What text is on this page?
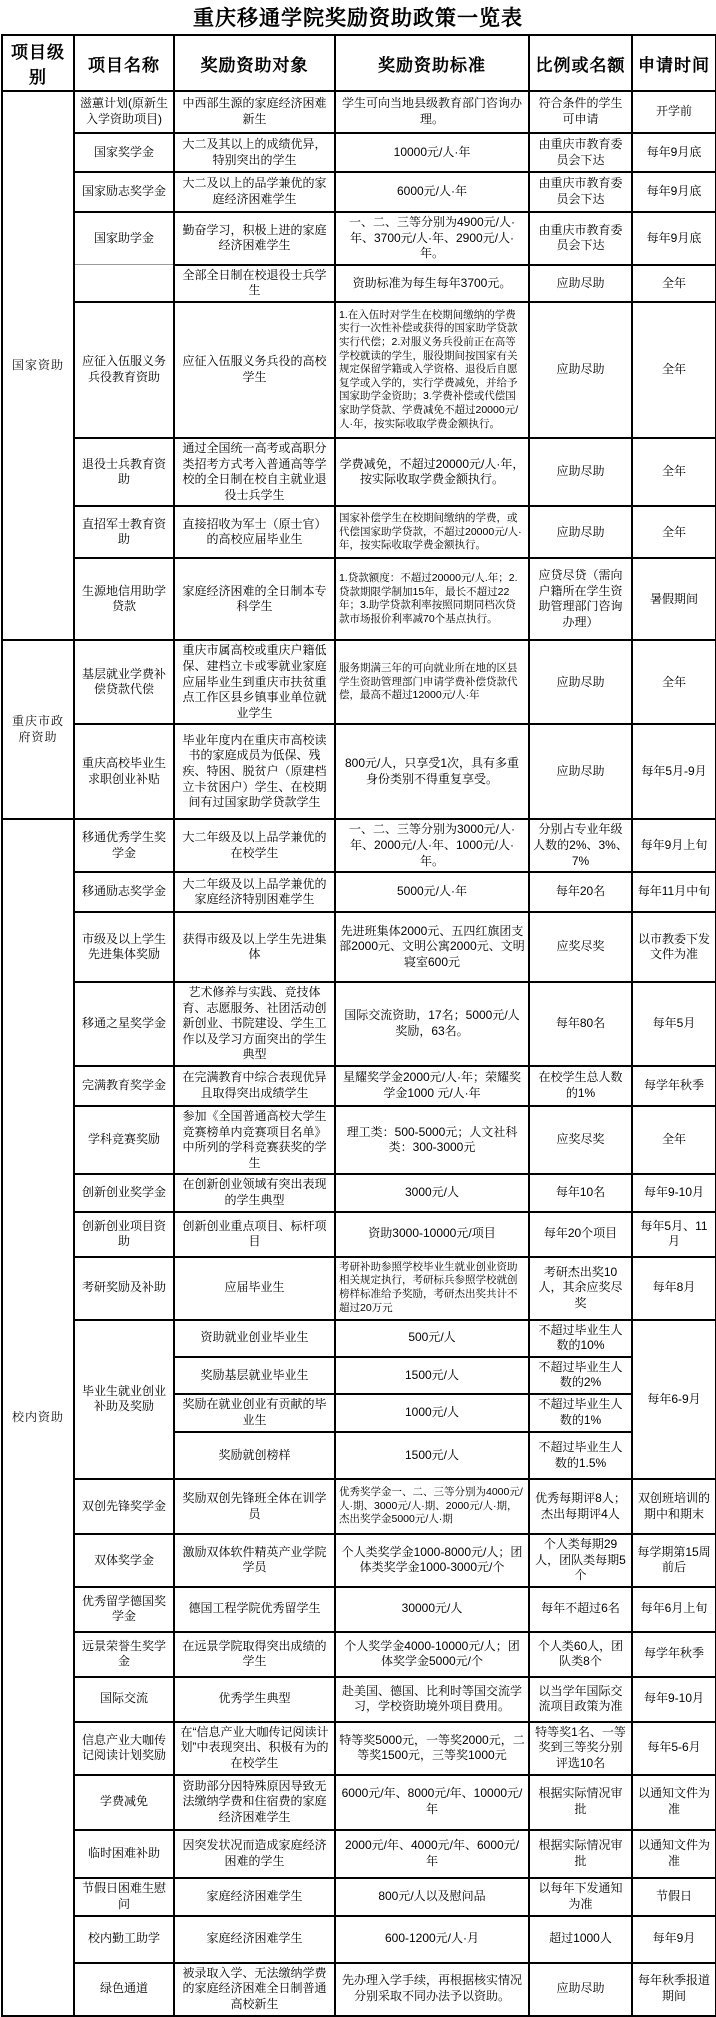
重庆移通学院奖励资助政策一览表
项目级别	项目名称	奖励资助对象	奖励资助标准	比例或名额	申请时间
国家资助	滋蕙计划(原新生入学资助项目)	中西部生源的家庭经济困难新生	学生可向当地县级教育部门咨询办理。	符合条件的学生可申请	开学前
	国家奖学金	大二及其以上的成绩优异，特别突出的学生	10000元/人·年	由重庆市教育委员会下达	每年9月底
	国家励志奖学金	大二及以上的品学兼优的家庭经济困难学生	6000元/人·年	由重庆市教育委员会下达	每年9月底
	国家助学金	勤奋学习，积极上进的家庭经济困难学生	一、二、三等分别为4900元/人·年、3700元/人·年、2900元/人·年。	由重庆市教育委员会下达	每年9月底
		全部全日制在校退役士兵学生	资助标准为每生每年3700元。	应助尽助	全年
	应征入伍服义务兵役教育资助	应征入伍服义务兵役的高校学生	1.在入伍时对学生在校期间缴纳的学费实行一次性补偿或获得的国家助学贷款实行代偿；2.对服义务兵役前正在高等学校就读的学生，服役期间按国家有关规定保留学籍或入学资格、退役后自愿复学或入学的，实行学费减免，并给予国家助学金资助；3.学费补偿或代偿国家助学贷款、学费减免不超过20000元/人·年，按实际收取学费金额执行。	应助尽助	全年
	退役士兵教育资助	通过全国统一高考或高职分类招考方式考入普通高等学校的全日制在校自主就业退役士兵学生	学费减免，不超过20000元/人·年，按实际收取学费金额执行。	应助尽助	全年
	直招军士教育资助	直接招收为军士（原士官）的高校应届毕业生	国家补偿学生在校期间缴纳的学费，或代偿国家助学贷款，不超过20000元/人·年，按实际收取学费金额执行。	应助尽助	全年
	生源地信用助学贷款	家庭经济困难的全日制本专科学生	1.贷款额度：不超过20000元/人.年；2.贷款期限学制加15年，最长不超过22年；3.助学贷款利率按照同期同档次贷款市场报价利率减70个基点执行。	应贷尽贷（需向户籍所在学生资助管理部门咨询办理）	暑假期间
重庆市政府资助	基层就业学费补偿贷款代偿	重庆市属高校或重庆户籍低保、建档立卡或零就业家庭应届毕业生到重庆市扶贫重点工作区县乡镇事业单位就业学生	服务期满三年的可向就业所在地的区县学生资助管理部门申请学费补偿贷款代偿，最高不超过12000元/人·年	应助尽助	全年
	重庆高校毕业生求职创业补贴	毕业年度内在重庆市高校读书的家庭成员为低保、残疾、特困、脱贫户（原建档立卡贫困户）学生、在校期间有过国家助学贷款学生	800元/人，只享受1次，具有多重身份类别不得重复享受。	应助尽助	每年5月-9月
校内资助	移通优秀学生奖学金	大二年级及以上品学兼优的在校学生	一、二、三等分别为3000元/人·年、2000元/人·年、1000元/人·年。	分别占专业年级人数的2%、3%、7%	每年9月上旬
	移通励志奖学金	大二年级及以上品学兼优的家庭经济特别困难学生	5000元/人·年	每年20名	每年11月中旬
	市级及以上学生先进集体奖励	获得市级及以上学生先进集体	先进班集体2000元、五四红旗团支部2000元、文明公寓2000元、文明寝室600元	应奖尽奖	以市教委下发文件为准
	移通之星奖学金	艺术修养与实践、竞技体育、志愿服务、社团活动创新创业、书院建设、学生工作以及学习方面突出的学生典型	国际交流资助，17名；5000元/人奖励，63名。	每年80名	每年5月
	完满教育奖学金	在完满教育中综合表现优异且取得突出成绩学生	星耀奖学金2000元/人·年；荣耀奖学金1000 元/人·年	在校学生总人数的1%	每学年秋季
	学科竞赛奖励	参加《全国普通高校大学生竞赛榜单内竞赛项目名单》中所列的学科竞赛获奖的学生	理工类：500-5000元；人文社科类：300-3000元	应奖尽奖	全年
	创新创业奖学金	在创新创业领域有突出表现的学生典型	3000元/人	每年10名	每年9-10月
	创新创业项目资助	创新创业重点项目、标杆项目	资助3000-10000元/项目	每年20个项目	每年5月、11月
	考研奖励及补助	应届毕业生	考研补助参照学校毕业生就业创业资助相关规定执行，考研标兵参照学校就创榜样标准给予奖励，考研杰出奖共计不超过20万元	考研杰出奖10人，其余应奖尽奖	每年8月
	毕业生就业创业补助及奖励	资助就业创业毕业生	500元/人	不超过毕业生人数的10%	每年6-9月
		奖励基层就业毕业生	1500元/人	不超过毕业生人数的2%	
		奖励在就业创业有贡献的毕业生	1000元/人	不超过毕业生人数的1%	
		奖励就创榜样	1500元/人	不超过毕业生人数的1.5%	
	双创先锋奖学金	奖励双创先锋班全体在训学员	优秀奖学金一、二、三等分别为4000元/人·期、3000元/人·期、2000元/人·期，杰出奖学金5000元/人·期	优秀每期评8人；杰出每期评4人	双创班培训的期中和期末
	双体奖学金	激励双体软件精英产业学院学员	个人类奖学金1000-8000元/人；团体类奖学金1000-3000元/个	个人类每期29人，团队类每期5个	每学期第15周前后
	优秀留学德国奖学金	德国工程学院优秀留学生	30000元/人	每年不超过6名	每年6月上旬
	远景荣誉生奖学金	在远景学院取得突出成绩的学生	个人奖学金4000-10000元/人；团体奖学金5000元/个	个人类60人，团队类8个	每学年秋季
	国际交流	优秀学生典型	赴美国、德国、比利时等国交流学习，学校资助境外项目费用。	以当学年国际交流项目政策为准	每年9-10月
	信息产业大咖传记阅读计划奖励	在“信息产业大咖传记阅读计划”中表现突出、积极有为的在校学生	特等奖5000元，一等奖2000元，二等奖1500元，三等奖1000元	特等奖1名、一等奖到三等奖分别评选10名	每年5-6月
	学费减免	资助部分因特殊原因导致无法缴纳学费和住宿费的家庭经济困难学生	6000元/年、8000元/年、10000元/年	根据实际情况审批	以通知文件为准
	临时困难补助	因突发状况而造成家庭经济困难的学生	2000元/年、4000元/年、6000元/年	根据实际情况审批	以通知文件为准
	节假日困难生慰问	家庭经济困难学生	800元/人以及慰问品	以每年下发通知为准	节假日
	校内勤工助学	家庭经济困难学生	600-1200元/人·月	超过1000人	每年9月
	绿色通道	被录取入学、无法缴纳学费的家庭经济困难全日制普通高校新生	先办理入学手续，再根据核实情况分别采取不同办法予以资助。	应助尽助	每年秋季报道期间
